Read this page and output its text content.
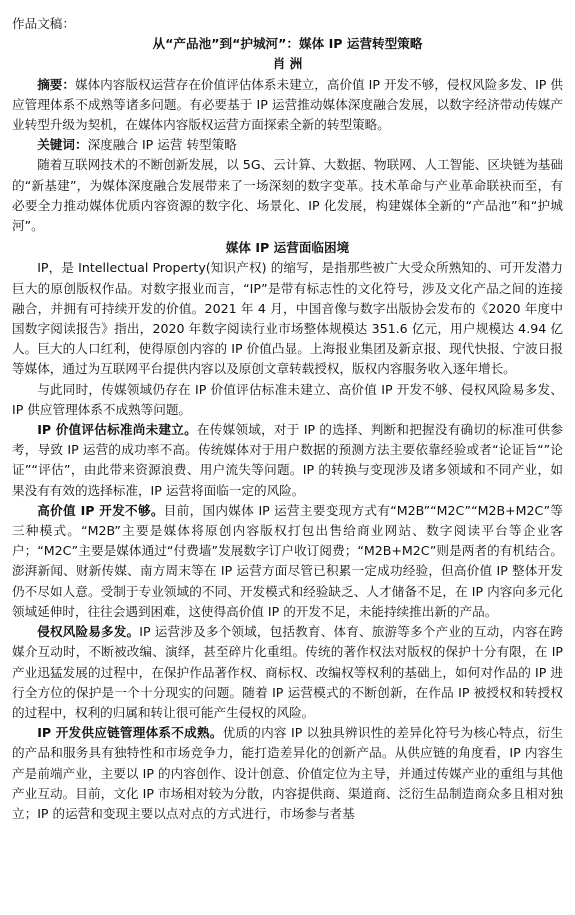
作品文稿：

从“产品池”到“护城河”：媒体 IP 运营转型策略

肖 洲

摘要：媒体内容版权运营存在价值评估体系未建立，高价值 IP 开发不够，侵权风险多发、IP 供应管理体系不成熟等诸多问题。有必要基于 IP 运营推动媒体深度融合发展，以数字经济带动传媒产业转型升级为契机，在媒体内容版权运营方面探索全新的转型策略。

关键词：深度融合 IP 运营 转型策略

随着互联网技术的不断创新发展，以 5G、云计算、大数据、物联网、人工智能、区块链为基础的“新基建”，为媒体深度融合发展带来了一场深刻的数字变革。技术革命与产业革命联袂而至，有必要全力推动媒体优质内容资源的数字化、场景化、IP 化发展，构建媒体全新的“产品池”和“护城河”。

媒体 IP 运营面临困境

IP，是 Intellectual Property(知识产权) 的缩写，是指那些被广大受众所熟知的、可开发潜力巨大的原创版权作品。对数字报业而言，“IP”是带有标志性的文化符号，涉及文化产品之间的连接融合，并拥有可持续开发的价值。2021 年 4 月，中国音像与数字出版协会发布的《2020 年度中国数字阅读报告》指出，2020 年数字阅读行业市场整体规模达 351.6 亿元，用户规模达 4.94 亿人。巨大的人口红利，使得原创内容的 IP 价值凸显。上海报业集团及新京报、现代快报、宁波日报等媒体，通过为互联网平台提供内容以及原创文章转载授权，版权内容服务收入逐年增长。

与此同时，传媒领域仍存在 IP 价值评估标准未建立、高价值 IP 开发不够、侵权风险易多发、IP 供应管理体系不成熟等问题。

IP 价值评估标准尚未建立。在传媒领域，对于 IP 的选择、判断和把握没有确切的标准可供参考，导致 IP 运营的成功率不高。传统媒体对于用户数据的预测方法主要依靠经验或者“论证旨“”论证”“评估”，由此带来资源浪费、用户流失等问题。IP 的转换与变现涉及诸多领域和不同产业，如果没有有效的选择标准，IP 运营将面临一定的风险。

高价值 IP 开发不够。目前，国内媒体 IP 运营主要变现方式有“M2B”“M2C”“M2B+M2C”等三种模式。“M2B”主要是媒体将原创内容版权打包出售给商业网站、数字阅读平台等企业客户；“M2C”主要是媒体通过“付费墙”发展数字订户收订阅费；“M2B+M2C”则是两者的有机结合。澎湃新闻、财新传媒、南方周末等在 IP 运营方面尽管已积累一定成功经验，但高价值 IP 整体开发仍不尽如人意。受制于专业领域的不同、开发模式和经验缺乏、人才储备不足，在 IP 内容向多元化领域延伸时，往往会遇到困难，这使得高价值 IP 的开发不足，未能持续推出新的产品。

侵权风险易多发。IP 运营涉及多个领域，包括教育、体育、旅游等多个产业的互动，内容在跨媒介互动时，不断被改编、演绎，甚至碎片化重组。传统的著作权法对版权的保护十分有限，在 IP 产业迅猛发展的过程中，在保护作品著作权、商标权、改编权等权利的基础上，如何对作品的 IP 进行全方位的保护是一个十分现实的问题。随着 IP 运营模式的不断创新，在作品 IP 被授权和转授权的过程中，权利的归属和转让很可能产生侵权的风险。

IP 开发供应链管理体系不成熟。优质的内容 IP 以独具辨识性的差异化符号为核心特点，衍生的产品和服务具有独特性和市场竞争力，能打造差异化的创新产品。从供应链的角度看，IP 内容生产是前端产业，主要以 IP 的内容创作、设计创意、价值定位为主导，并通过传媒产业的重组与其他产业互动。目前，文化 IP 市场相对较为分散，内容提供商、渠道商、泛衍生品制造商众多且相对独立；IP 的运营和变现主要以点对点的方式进行，市场参与者基
